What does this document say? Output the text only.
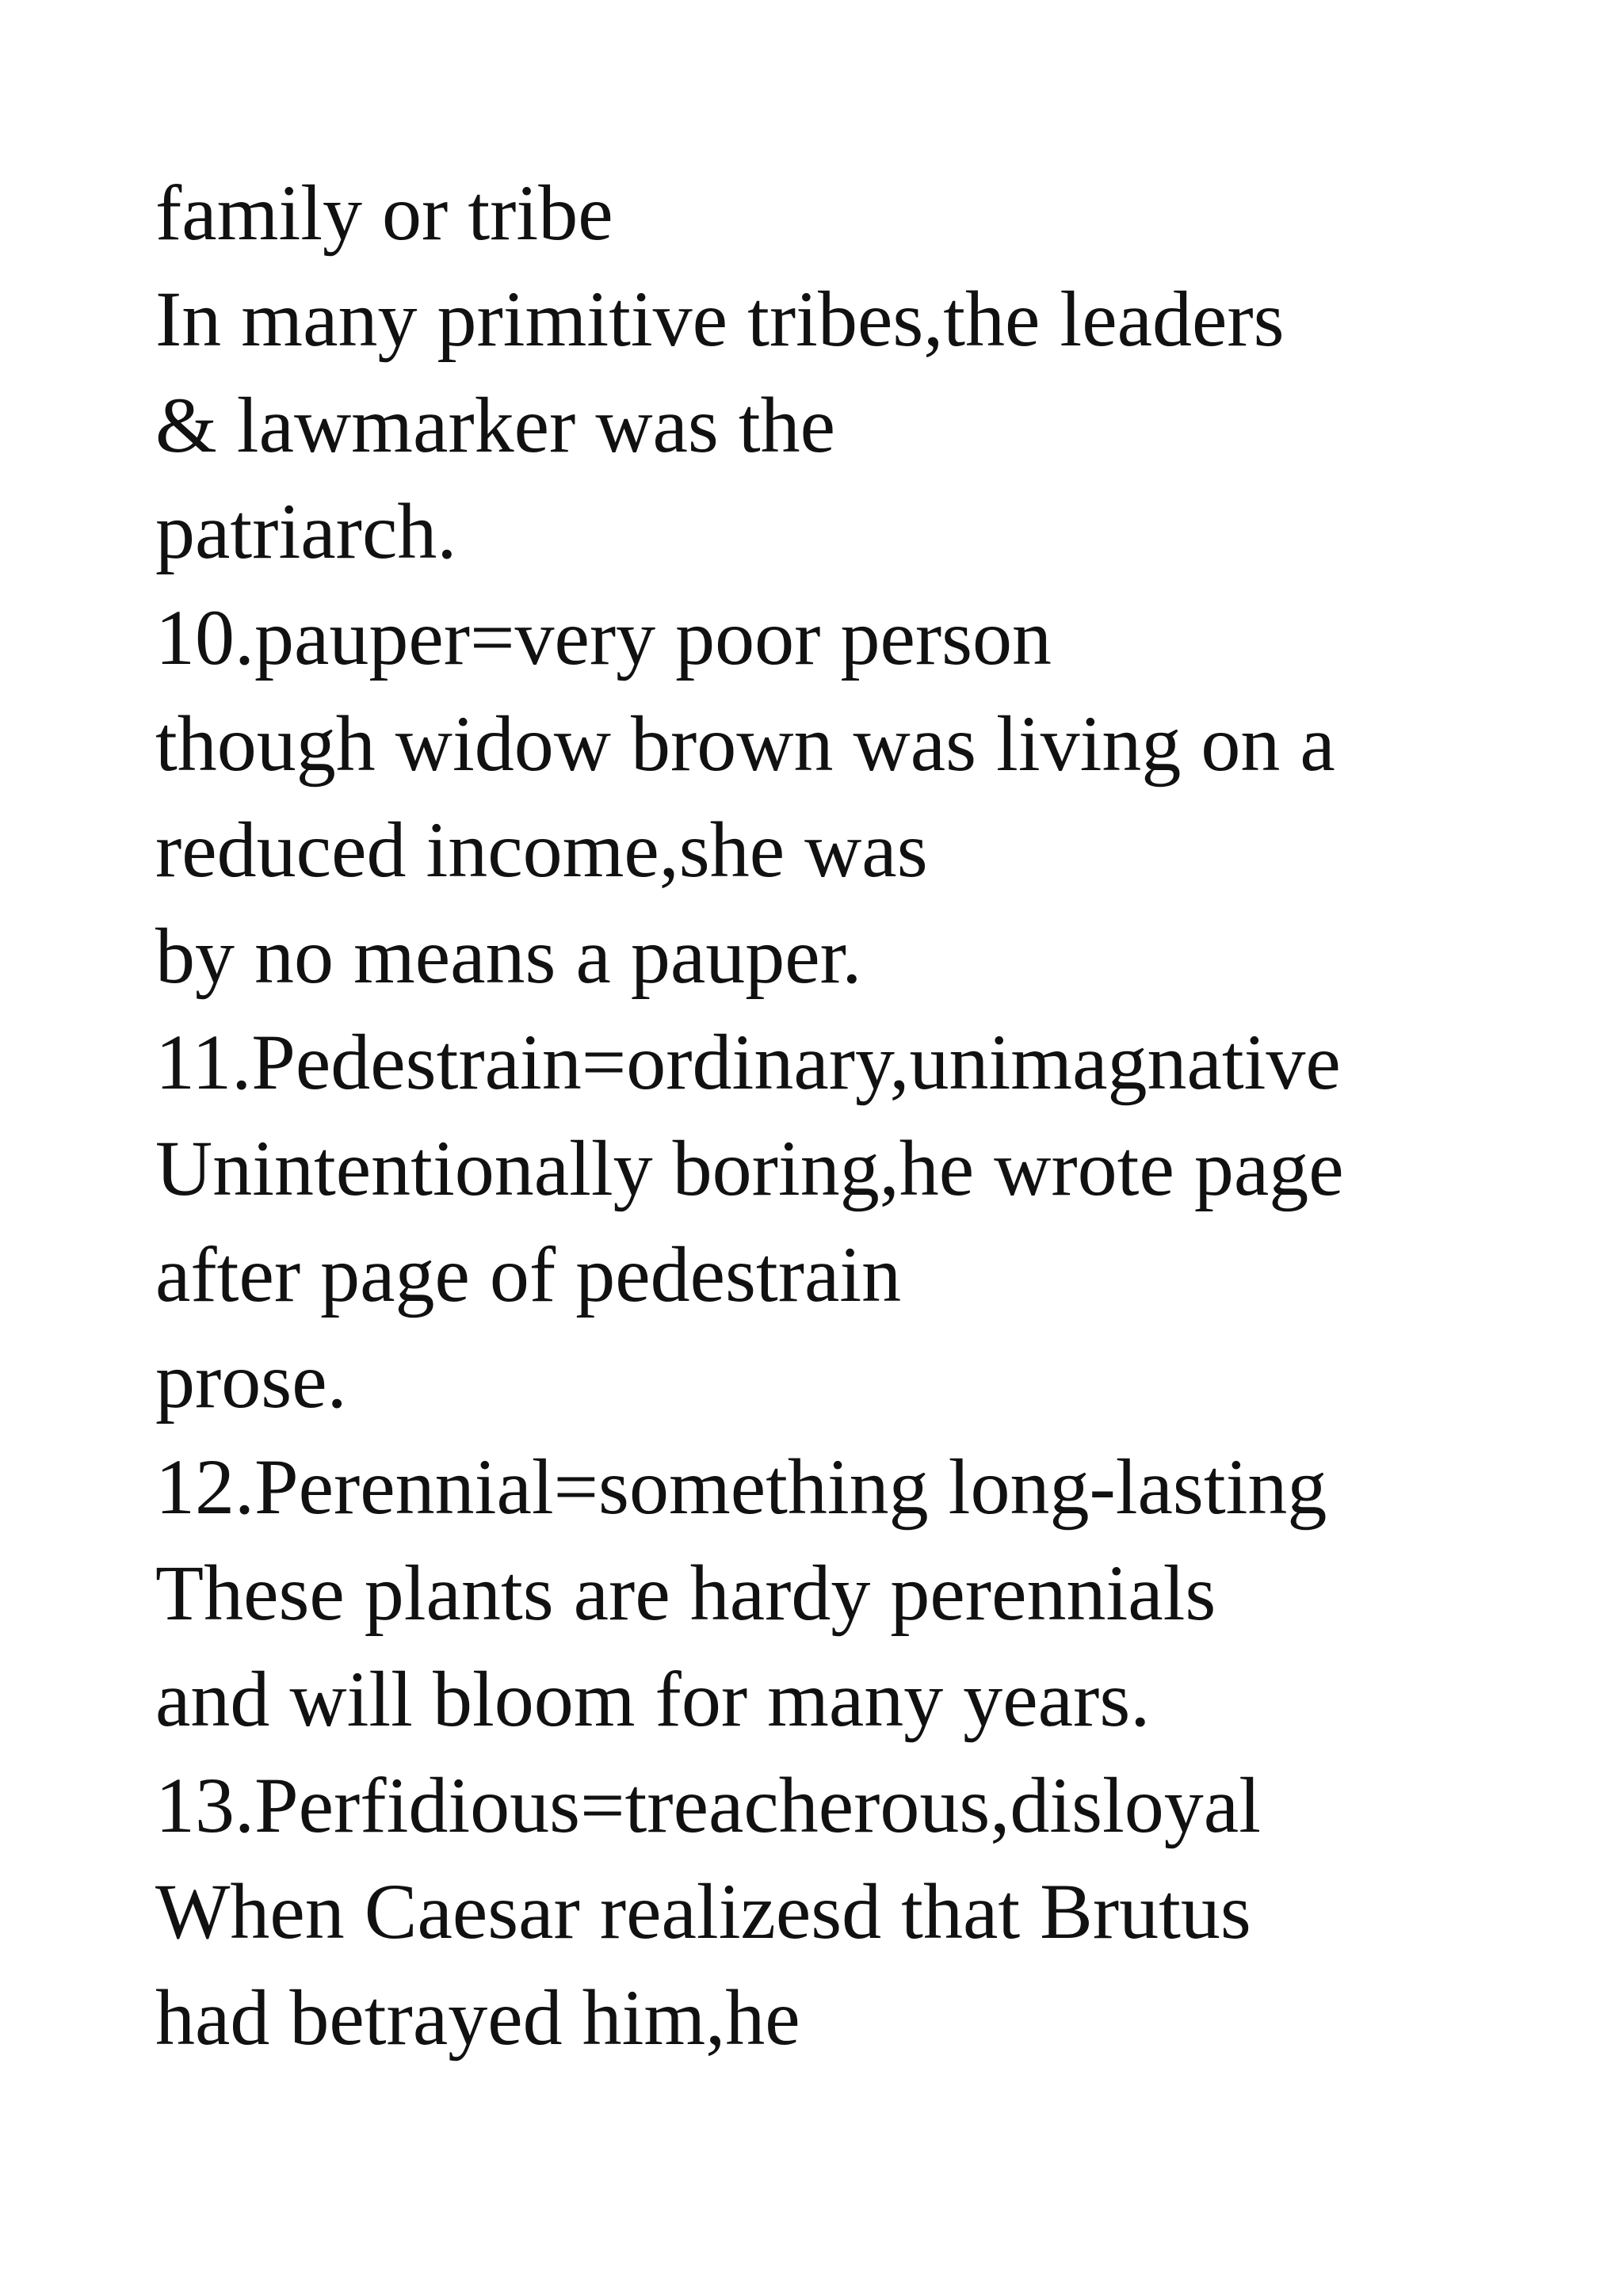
family or tribe
In many primitive tribes,the leaders
& lawmarker was the
patriarch.
10.pauper=very poor person
though widow brown was living on a
reduced income,she was
by no means a pauper.
11.Pedestrain=ordinary,unimagnative
Unintentionally boring,he wrote page
after page of pedestrain
prose.
12.Perennial=something long-lasting
These plants are hardy perennials
and will bloom for many years.
13.Perfidious=treacherous,disloyal
When Caesar realizesd that Brutus
had betrayed him,he
